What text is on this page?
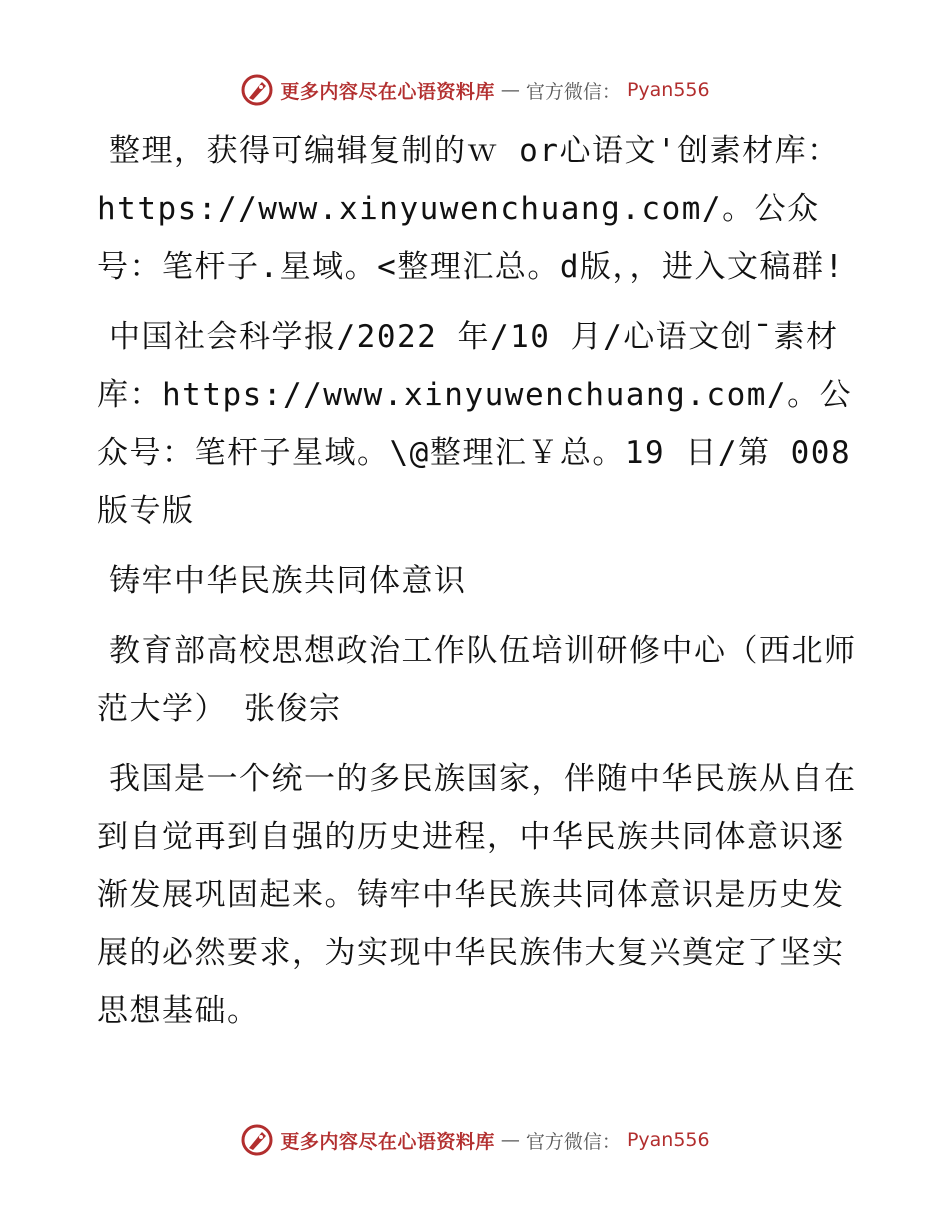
更多内容尽在心语资料库 — 官方微信： Pyan556

整理，获得可编辑复制的ｗ or心语文'创素材库：https://www.xinyuwenchuang.com/。公众号：笔杆子.星域。<整理汇总。d版，，进入文稿群!

中国社会科学报/2022 年/10 月/心语文创¯素材库：https://www.xinyuwenchuang.com/。公众号：笔杆子星域。\@整理汇￥总。19 日/第 008 版专版

铸牢中华民族共同体意识

教育部高校思想政治工作队伍培训研修中心（西北师范大学）　张俊宗

我国是一个统一的多民族国家，伴随中华民族从自在到自觉再到自强的历史进程，中华民族共同体意识逐渐发展巩固起来。铸牢中华民族共同体意识是历史发展的必然要求，为实现中华民族伟大复兴奠定了坚实思想基础。

更多内容尽在心语资料库 — 官方微信： Pyan556
